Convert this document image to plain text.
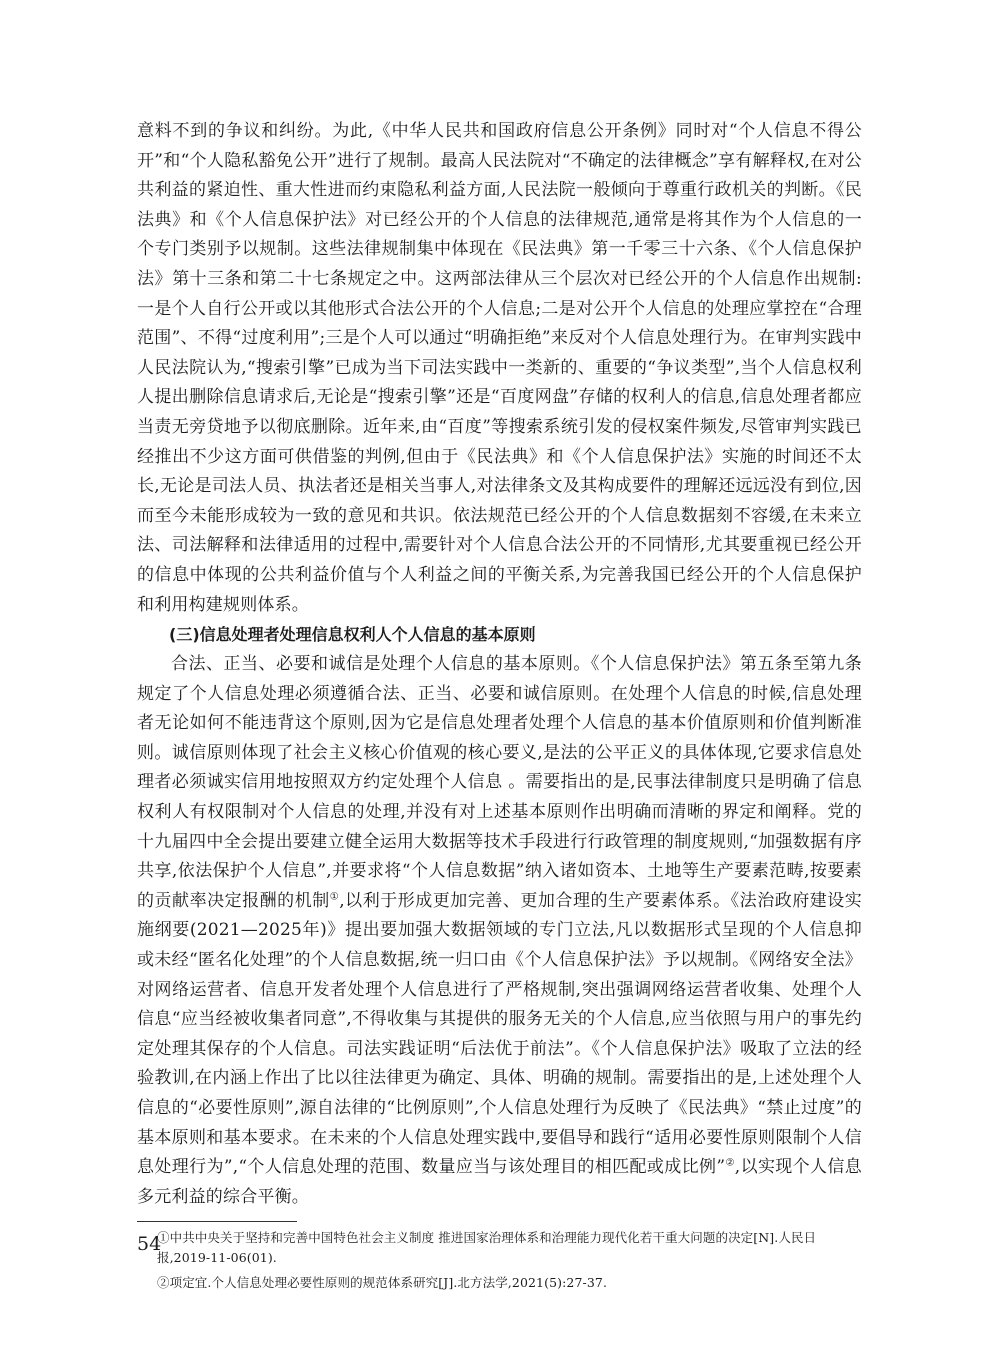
意料不到的争议和纠纷。为此,《中华人民共和国政府信息公开条例》同时对“个人信息不得公开”和“个人隐私豁免公开”进行了规制。最高人民法院对“不确定的法律概念”享有解释权,在对公共利益的紧迫性、重大性进而约束隐私利益方面,人民法院一般倾向于尊重行政机关的判断。《民法典》和《个人信息保护法》对已经公开的个人信息的法律规范,通常是将其作为个人信息的一个专门类别予以规制。这些法律规制集中体现在《民法典》第一千零三十六条、《个人信息保护法》第十三条和第二十七条规定之中。这两部法律从三个层次对已经公开的个人信息作出规制:一是个人自行公开或以其他形式合法公开的个人信息;二是对公开个人信息的处理应掌控在“合理范围”、不得“过度利用”;三是个人可以通过“明确拒绝”来反对个人信息处理行为。在审判实践中人民法院认为,“搜索引擎”已成为当下司法实践中一类新的、重要的“争议类型”,当个人信息权利人提出删除信息请求后,无论是“搜索引擎”还是“百度网盘”存储的权利人的信息,信息处理者都应当责无旁贷地予以彻底删除。近年来,由“百度”等搜索系统引发的侵权案件频发,尽管审判实践已经推出不少这方面可供借鉴的判例,但由于《民法典》和《个人信息保护法》实施的时间还不太长,无论是司法人员、执法者还是相关当事人,对法律条文及其构成要件的理解还远远没有到位,因而至今未能形成较为一致的意见和共识。依法规范已经公开的个人信息数据刻不容缓,在未来立法、司法解释和法律适用的过程中,需要针对个人信息合法公开的不同情形,尤其要重视已经公开的信息中体现的公共利益价值与个人利益之间的平衡关系,为完善我国已经公开的个人信息保护和利用构建规则体系。

(三)信息处理者处理信息权利人个人信息的基本原则

合法、正当、必要和诚信是处理个人信息的基本原则。《个人信息保护法》第五条至第九条规定了个人信息处理必须遵循合法、正当、必要和诚信原则。在处理个人信息的时候,信息处理者无论如何不能违背这个原则,因为它是信息处理者处理个人信息的基本价值原则和价值判断准则。诚信原则体现了社会主义核心价值观的核心要义,是法的公平正义的具体体现,它要求信息处理者必须诚实信用地按照双方约定处理个人信息 。需要指出的是,民事法律制度只是明确了信息权利人有权限制对个人信息的处理,并没有对上述基本原则作出明确而清晰的界定和阐释。党的十九届四中全会提出要建立健全运用大数据等技术手段进行行政管理的制度规则,“加强数据有序共享,依法保护个人信息”,并要求将“个人信息数据”纳入诸如资本、土地等生产要素范畴,按要素的贡献率决定报酬的机制①,以利于形成更加完善、更加合理的生产要素体系。《法治政府建设实施纲要(2021—2025年)》提出要加强大数据领域的专门立法,凡以数据形式呈现的个人信息抑或未经“匿名化处理”的个人信息数据,统一归口由《个人信息保护法》予以规制。《网络安全法》对网络运营者、信息开发者处理个人信息进行了严格规制,突出强调网络运营者收集、处理个人信息“应当经被收集者同意”,不得收集与其提供的服务无关的个人信息,应当依照与用户的事先约定处理其保存的个人信息。司法实践证明“后法优于前法”。《个人信息保护法》吸取了立法的经验教训,在内涵上作出了比以往法律更为确定、具体、明确的规制。需要指出的是,上述处理个人信息的“必要性原则”,源自法律的“比例原则”,个人信息处理行为反映了《民法典》“禁止过度”的基本原则和基本要求。在未来的个人信息处理实践中,要倡导和践行“适用必要性原则限制个人信息处理行为”,“个人信息处理的范围、数量应当与该处理目的相匹配或成比例”②,以实现个人信息多元利益的综合平衡。

①中共中央关于坚持和完善中国特色社会主义制度 推进国家治理体系和治理能力现代化若干重大问题的决定[N].人民日报,2019-11-06(01).

②项定宜.个人信息处理必要性原则的规范体系研究[J].北方法学,2021(5):27-37.

54
